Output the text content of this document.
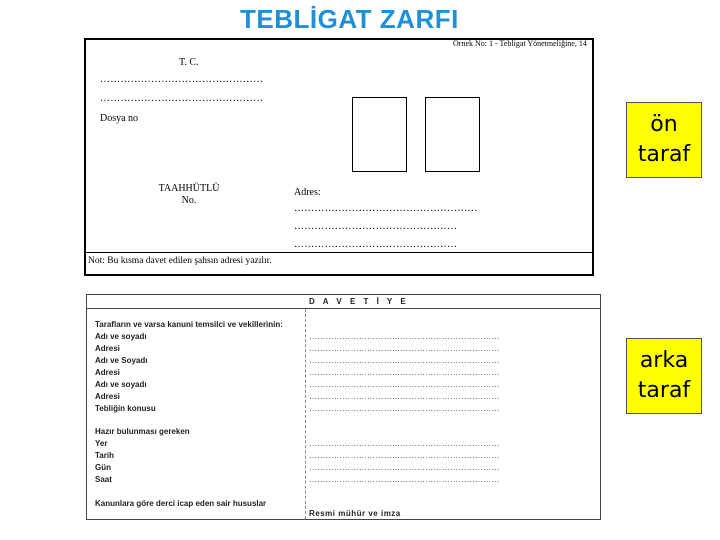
TEBLİGAT ZARFI
Örnek No: 1 - Tebligat Yönetmeliğine, 14
T. C.
…………………………………………
…………………………………………
Dosya no
TAAHHÜTLÜ
No.
Adres:
………………………………………………
…………………………………………
…………………………………………
Not: Bu kısma davet edilen şahsın adresi yazılır.
D A V E T İ Y E
Tarafların ve varsa kanuni temsilci ve vekillerinin:
Adı ve soyadı
Adresi
Adı ve Soyadı
Adresi
Adı ve soyadı
Adresi
Tebliğin konusu
Hazır bulunması gereken
Yer
Tarih
Gün
Saat
Kanunlara göre derci icap eden sair hususlar
……………………………………………………………
……………………………………………………………
……………………………………………………………
……………………………………………………………
……………………………………………………………
……………………………………………………………
……………………………………………………………
……………………………………………………………
……………………………………………………………
……………………………………………………………
……………………………………………………………
Resmi mühür ve imza
ön
taraf
arka
taraf
